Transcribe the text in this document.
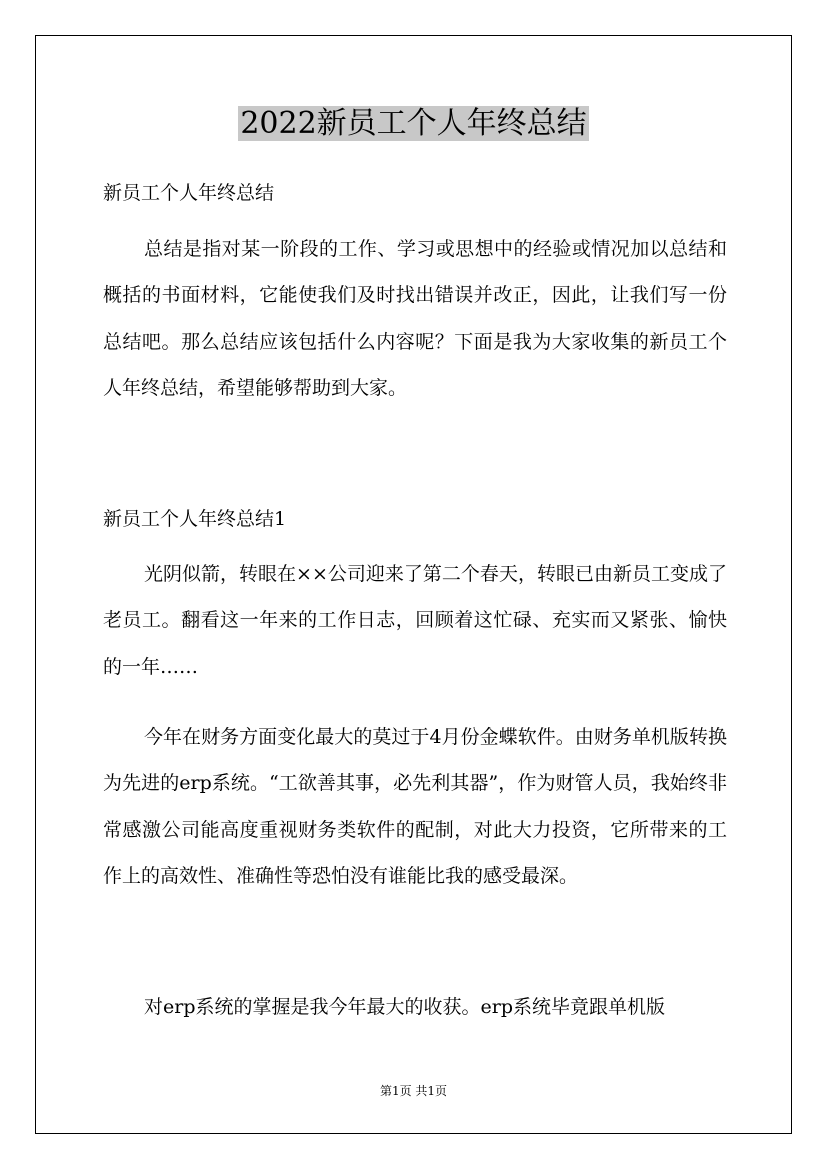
2022新员工个人年终总结

新员工个人年终总结

总结是指对某一阶段的工作、学习或思想中的经验或情况加以总结和概括的书面材料，它能使我们及时找出错误并改正，因此，让我们写一份总结吧。那么总结应该包括什么内容呢？下面是我为大家收集的新员工个人年终总结，希望能够帮助到大家。

新员工个人年终总结1

光阴似箭，转眼在××公司迎来了第二个春天，转眼已由新员工变成了老员工。翻看这一年来的工作日志，回顾着这忙碌、充实而又紧张、愉快的一年……

今年在财务方面变化最大的莫过于4月份金蝶软件。由财务单机版转换为先进的erp系统。“工欲善其事，必先利其器”，作为财管人员，我始终非常感激公司能高度重视财务类软件的配制，对此大力投资，它所带来的工作上的高效性、准确性等恐怕没有谁能比我的感受最深。

对erp系统的掌握是我今年最大的收获。erp系统毕竟跟单机版

第1页 共1页
